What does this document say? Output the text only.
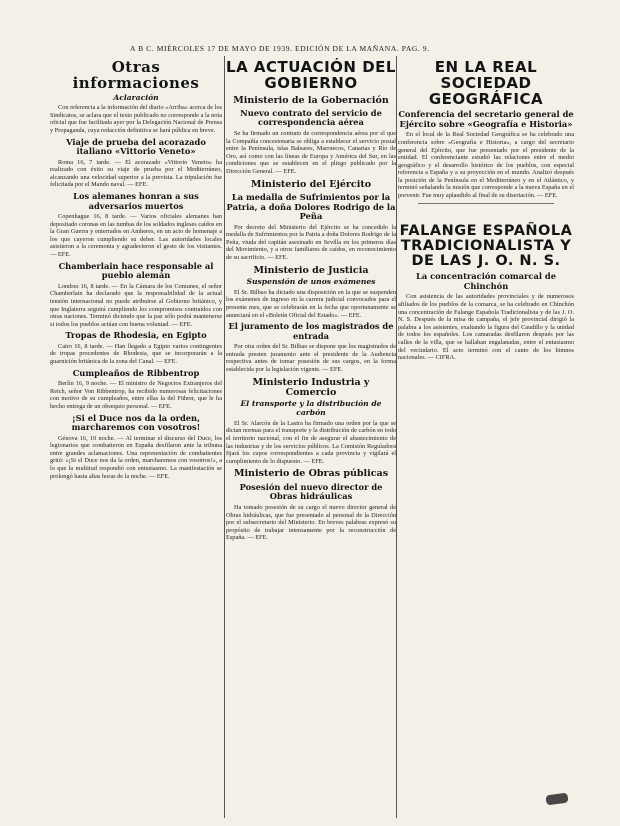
A B C. MIÉRCOLES 17 DE MAYO DE 1939. EDICIÓN DE LA MAÑANA. PAG. 9.
Otras informaciones
Aclaración

Con referencia a la información del diario «Arriba» acerca de los Sindicatos, se aclara que el texto publicado no corresponde a la nota oficial que fue facilitada ayer por la Delegación Nacional de Prensa y Propaganda, cuya redacción definitiva se hará pública en breve.

Viaje de prueba del acorazado italiano «Vittorio Veneto»

Roma 16, 7 tarde. — El acorazado «Vittorio Veneto» ha realizado con éxito su viaje de prueba por el Mediterráneo, alcanzando una velocidad superior a la prevista. La tripulación fue felicitada por el Mando naval. — EFE.

Los alemanes honran a sus adversarios muertos

Copenhague 16, 8 tarde. — Varios oficiales alemanes han depositado coronas en las tumbas de los soldados ingleses caídos en la Gran Guerra y enterrados en Amberes, en un acto de homenaje a los que cayeron cumpliendo su deber. Las autoridades locales asistieron a la ceremonia y agradecieron el gesto de los visitantes. — EFE.

Chamberlain hace responsable al pueblo alemán

Londres 16, 8 tarde. — En la Cámara de los Comunes, el señor Chamberlain ha declarado que la responsabilidad de la actual tensión internacional no puede atribuirse al Gobierno británico, y que Inglaterra seguirá cumpliendo los compromisos contraídos con otras naciones. Terminó diciendo que la paz sólo podrá mantenerse si todos los pueblos actúan con buena voluntad. — EFE.

Tropas de Rhodesia, en Egipto

Cairo 16, 8 tarde. — Han llegado a Egipto varios contingentes de tropas procedentes de Rhodesia, que se incorporarán a la guarnición británica de la zona del Canal. — EFE.

Cumpleaños de Ribbentrop

Berlín 16, 9 noche. — El ministro de Negocios Extranjeros del Reich, señor Von Ribbentrop, ha recibido numerosas felicitaciones con motivo de su cumpleaños, entre ellas la del Führer, que le ha hecho entrega de un obsequio personal. — EFE.

¡Si el Duce nos da la orden, marcharemos con vosotros!

Génova 16, 10 noche. — Al terminar el discurso del Duce, los legionarios que combatieron en España desfilaron ante la tribuna entre grandes aclamaciones. Una representación de combatientes gritó: «¡Si el Duce nos da la orden, marcharemos con vosotros!», a lo que la multitud respondió con entusiasmo. La manifestación se prolongó hasta altas horas de la noche. — EFE.

LA ACTUACIÓN DEL GOBIERNO
Ministerio de la Gobernación
Nuevo contrato del servicio de correspondencia aérea

Se ha firmado un contrato de correspondencia aérea por el que la Compañía concesionaria se obliga a establecer el servicio postal entre la Península, islas Baleares, Marruecos, Canarias y Río de Oro, así como con las líneas de Europa y América del Sur, en las condiciones que se establecen en el pliego publicado por la Dirección General. — EFE.

Ministerio del Ejército
La medalla de Sufrimientos por la Patria, a doña Dolores Rodrigo de la Peña

Por decreto del Ministerio del Ejército se ha concedido la medalla de Sufrimientos por la Patria a doña Dolores Rodrigo de la Peña, viuda del capitán asesinado en Sevilla en los primeros días del Movimiento, y a otros familiares de caídos, en reconocimiento de su sacrificio. — EFE.

Ministerio de Justicia
Suspensión de unos exámenes

El Sr. Bilbao ha dictado una disposición en la que se suspenden los exámenes de ingreso en la carrera judicial convocados para el presente mes, que se celebrarán en la fecha que oportunamente se anunciará en el «Boletín Oficial del Estado». — EFE.

El juramento de los magistrados de entrada

Por otra orden del Sr. Bilbao se dispone que los magistrados de entrada presten juramento ante el presidente de la Audiencia respectiva antes de tomar posesión de sus cargos, en la forma establecida por la legislación vigente. — EFE.

Ministerio Industria y Comercio
El transporte y la distribución de carbón

El Sr. Alarcón de la Lastra ha firmado una orden por la que se dictan normas para el transporte y la distribución de carbón en todo el territorio nacional, con el fin de asegurar el abastecimiento de las industrias y de los servicios públicos. La Comisión Reguladora fijará los cupos correspondientes a cada provincia y vigilará el cumplimiento de lo dispuesto. — EFE.

Ministerio de Obras públicas
Posesión del nuevo director de Obras hidráulicas

Ha tomado posesión de su cargo el nuevo director general de Obras hidráulicas, que fue presentado al personal de la Dirección por el subsecretario del Ministerio. En breves palabras expresó su propósito de trabajar intensamente por la reconstrucción de España. — EFE.

EN LA REAL SOCIEDAD GEOGRÁFICA
Conferencia del secretario general de Ejército sobre «Geografía e Historia»

En el local de la Real Sociedad Geográfica se ha celebrado una conferencia sobre «Geografía e Historia», a cargo del secretario general del Ejército, que fue presentado por el presidente de la entidad. El conferenciante estudió las relaciones entre el medio geográfico y el desarrollo histórico de los pueblos, con especial referencia a España y a su proyección en el mundo. Analizó después la posición de la Península en el Mediterráneo y en el Atlántico, y terminó señalando la misión que corresponde a la nueva España en el porvenir. Fue muy aplaudido al final de su disertación. — EFE.

FALANGE ESPAÑOLA TRADICIONALISTA Y DE LAS J. O. N. S.
La concentración comarcal de Chinchón

Con asistencia de las autoridades provinciales y de numerosos afiliados de los pueblos de la comarca, se ha celebrado en Chinchón una concentración de Falange Española Tradicionalista y de las J. O. N. S. Después de la misa de campaña, el jefe provincial dirigió la palabra a los asistentes, exaltando la figura del Caudillo y la unidad de todos los españoles. Los camaradas desfilaron después por las calles de la villa, que se hallaban engalanadas, entre el entusiasmo del vecindario. El acto terminó con el canto de los himnos nacionales. — CIFRA.
